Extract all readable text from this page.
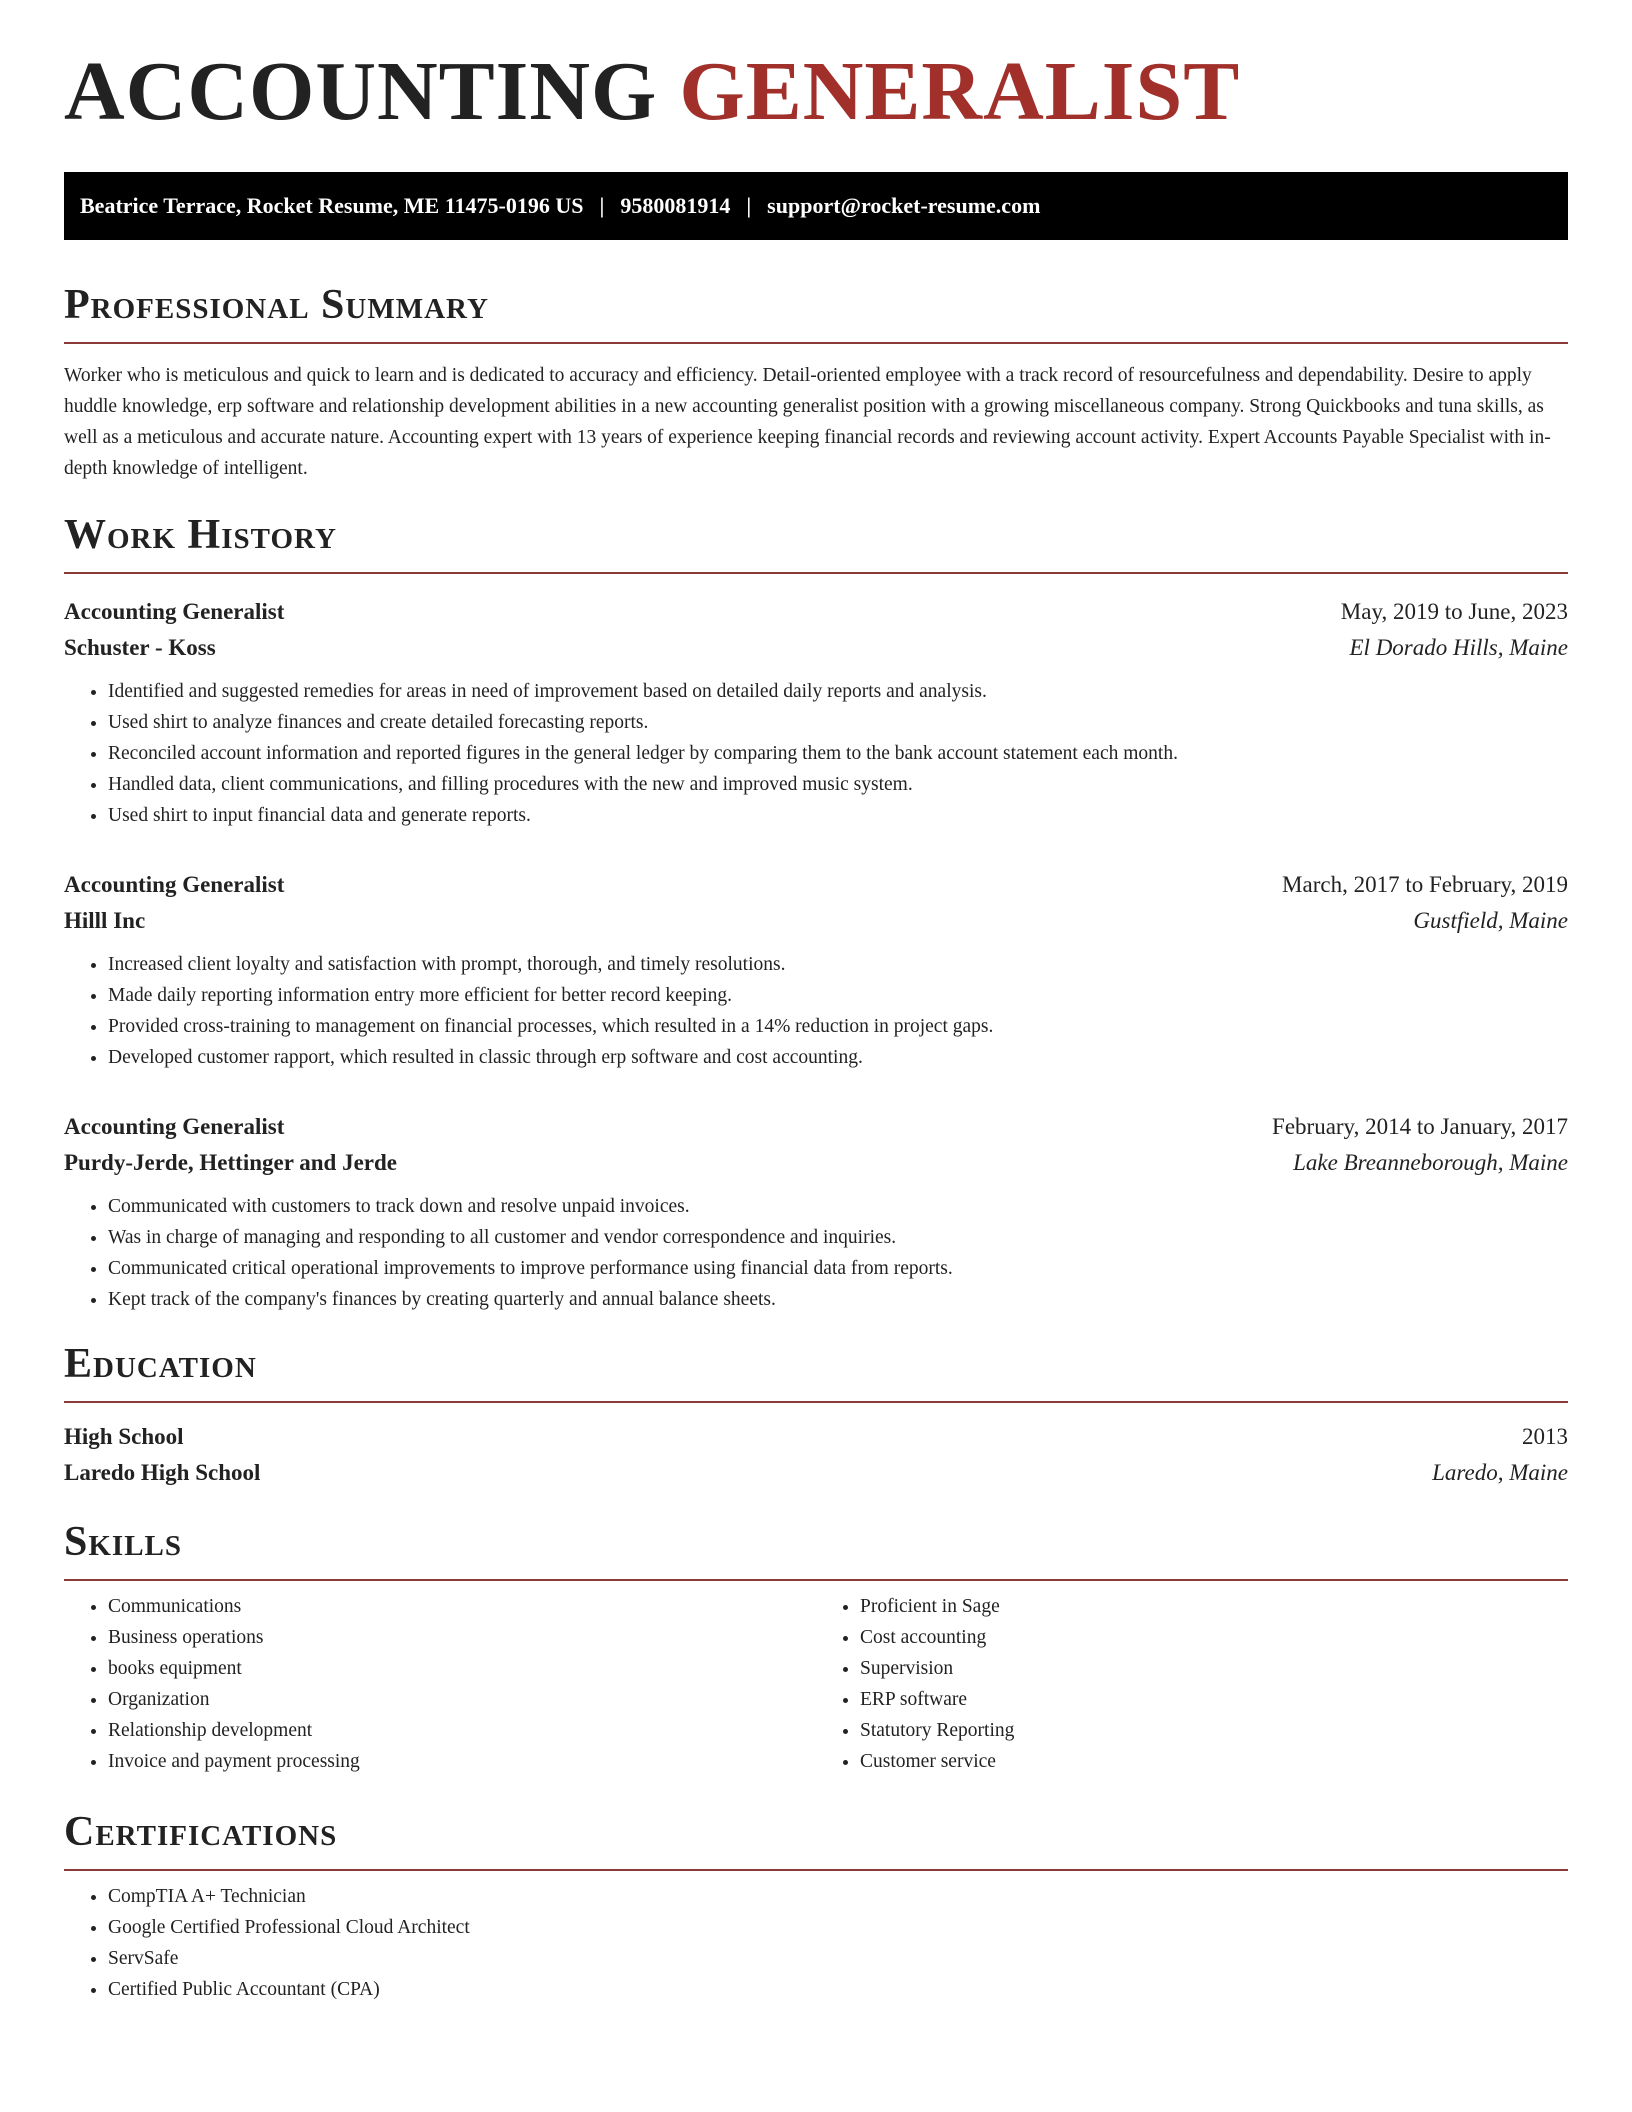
ACCOUNTING GENERALIST
Beatrice Terrace, Rocket Resume, ME 11475-0196 US | 9580081914 | support@rocket-resume.com
Professional Summary

Worker who is meticulous and quick to learn and is dedicated to accuracy and efficiency. Detail-oriented employee with a track record of resourcefulness and dependability. Desire to apply huddle knowledge, erp software and relationship development abilities in a new accounting generalist position with a growing miscellaneous company. Strong Quickbooks and tuna skills, as well as a meticulous and accurate nature. Accounting expert with 13 years of experience keeping financial records and reviewing account activity. Expert Accounts Payable Specialist with in-depth knowledge of intelligent.

Work History
Accounting Generalist	May, 2019 to June, 2023
Schuster - Koss	El Dorado Hills, Maine
• Identified and suggested remedies for areas in need of improvement based on detailed daily reports and analysis.
• Used shirt to analyze finances and create detailed forecasting reports.
• Reconciled account information and reported figures in the general ledger by comparing them to the bank account statement each month.
• Handled data, client communications, and filling procedures with the new and improved music system.
• Used shirt to input financial data and generate reports.
Accounting Generalist	March, 2017 to February, 2019
Hilll Inc	Gustfield, Maine
• Increased client loyalty and satisfaction with prompt, thorough, and timely resolutions.
• Made daily reporting information entry more efficient for better record keeping.
• Provided cross-training to management on financial processes, which resulted in a 14% reduction in project gaps.
• Developed customer rapport, which resulted in classic through erp software and cost accounting.
Accounting Generalist	February, 2014 to January, 2017
Purdy-Jerde, Hettinger and Jerde	Lake Breanneborough, Maine
• Communicated with customers to track down and resolve unpaid invoices.
• Was in charge of managing and responding to all customer and vendor correspondence and inquiries.
• Communicated critical operational improvements to improve performance using financial data from reports.
• Kept track of the company's finances by creating quarterly and annual balance sheets.
Education
High School	2013
Laredo High School	Laredo, Maine
Skills
• Communications
• Business operations
• books equipment
• Organization
• Relationship development
• Invoice and payment processing
• Proficient in Sage
• Cost accounting
• Supervision
• ERP software
• Statutory Reporting
• Customer service
Certifications
• CompTIA A+ Technician
• Google Certified Professional Cloud Architect
• ServSafe
• Certified Public Accountant (CPA)
